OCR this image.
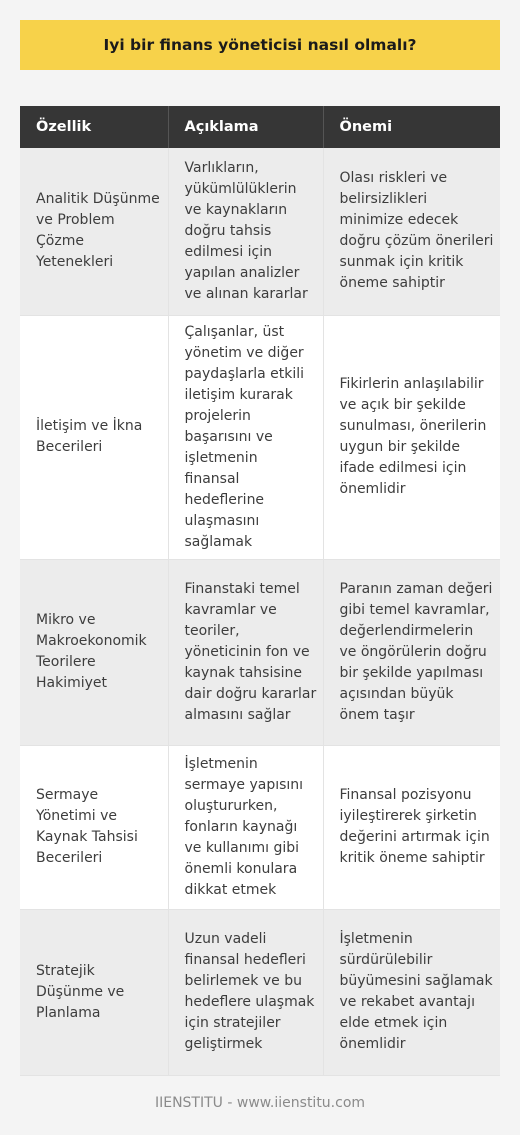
Iyi bir finans yöneticisi nasıl olmalı?
Özellik	Açıklama	Önemi
Analitik Düşünme ve Problem Çözme Yetenekleri	Varlıkların, yükümlülüklerin ve kaynakların doğru tahsis edilmesi için yapılan analizler ve alınan kararlar	Olası riskleri ve belirsizlikleri minimize edecek doğru çözüm önerileri sunmak için kritik öneme sahiptir
İletişim ve İkna Becerileri	Çalışanlar, üst yönetim ve diğer paydaşlarla etkili iletişim kurarak projelerin başarısını ve işletmenin finansal hedeflerine ulaşmasını sağlamak	Fikirlerin anlaşılabilir ve açık bir şekilde sunulması, önerilerin uygun bir şekilde ifade edilmesi için önemlidir
Mikro ve Makroekonomik Teorilere Hakimiyet	Finanstaki temel kavramlar ve teoriler, yöneticinin fon ve kaynak tahsisine dair doğru kararlar almasını sağlar	Paranın zaman değeri gibi temel kavramlar, değerlendirmelerin ve öngörülerin doğru bir şekilde yapılması açısından büyük önem taşır
Sermaye Yönetimi ve Kaynak Tahsisi Becerileri	İşletmenin sermaye yapısını oluştururken, fonların kaynağı ve kullanımı gibi önemli konulara dikkat etmek	Finansal pozisyonu iyileştirerek şirketin değerini artırmak için kritik öneme sahiptir
Stratejik Düşünme ve Planlama	Uzun vadeli finansal hedefleri belirlemek ve bu hedeflere ulaşmak için stratejiler geliştirmek	İşletmenin sürdürülebilir büyümesini sağlamak ve rekabet avantajı elde etmek için önemlidir
IIENSTITU - www.iienstitu.com
